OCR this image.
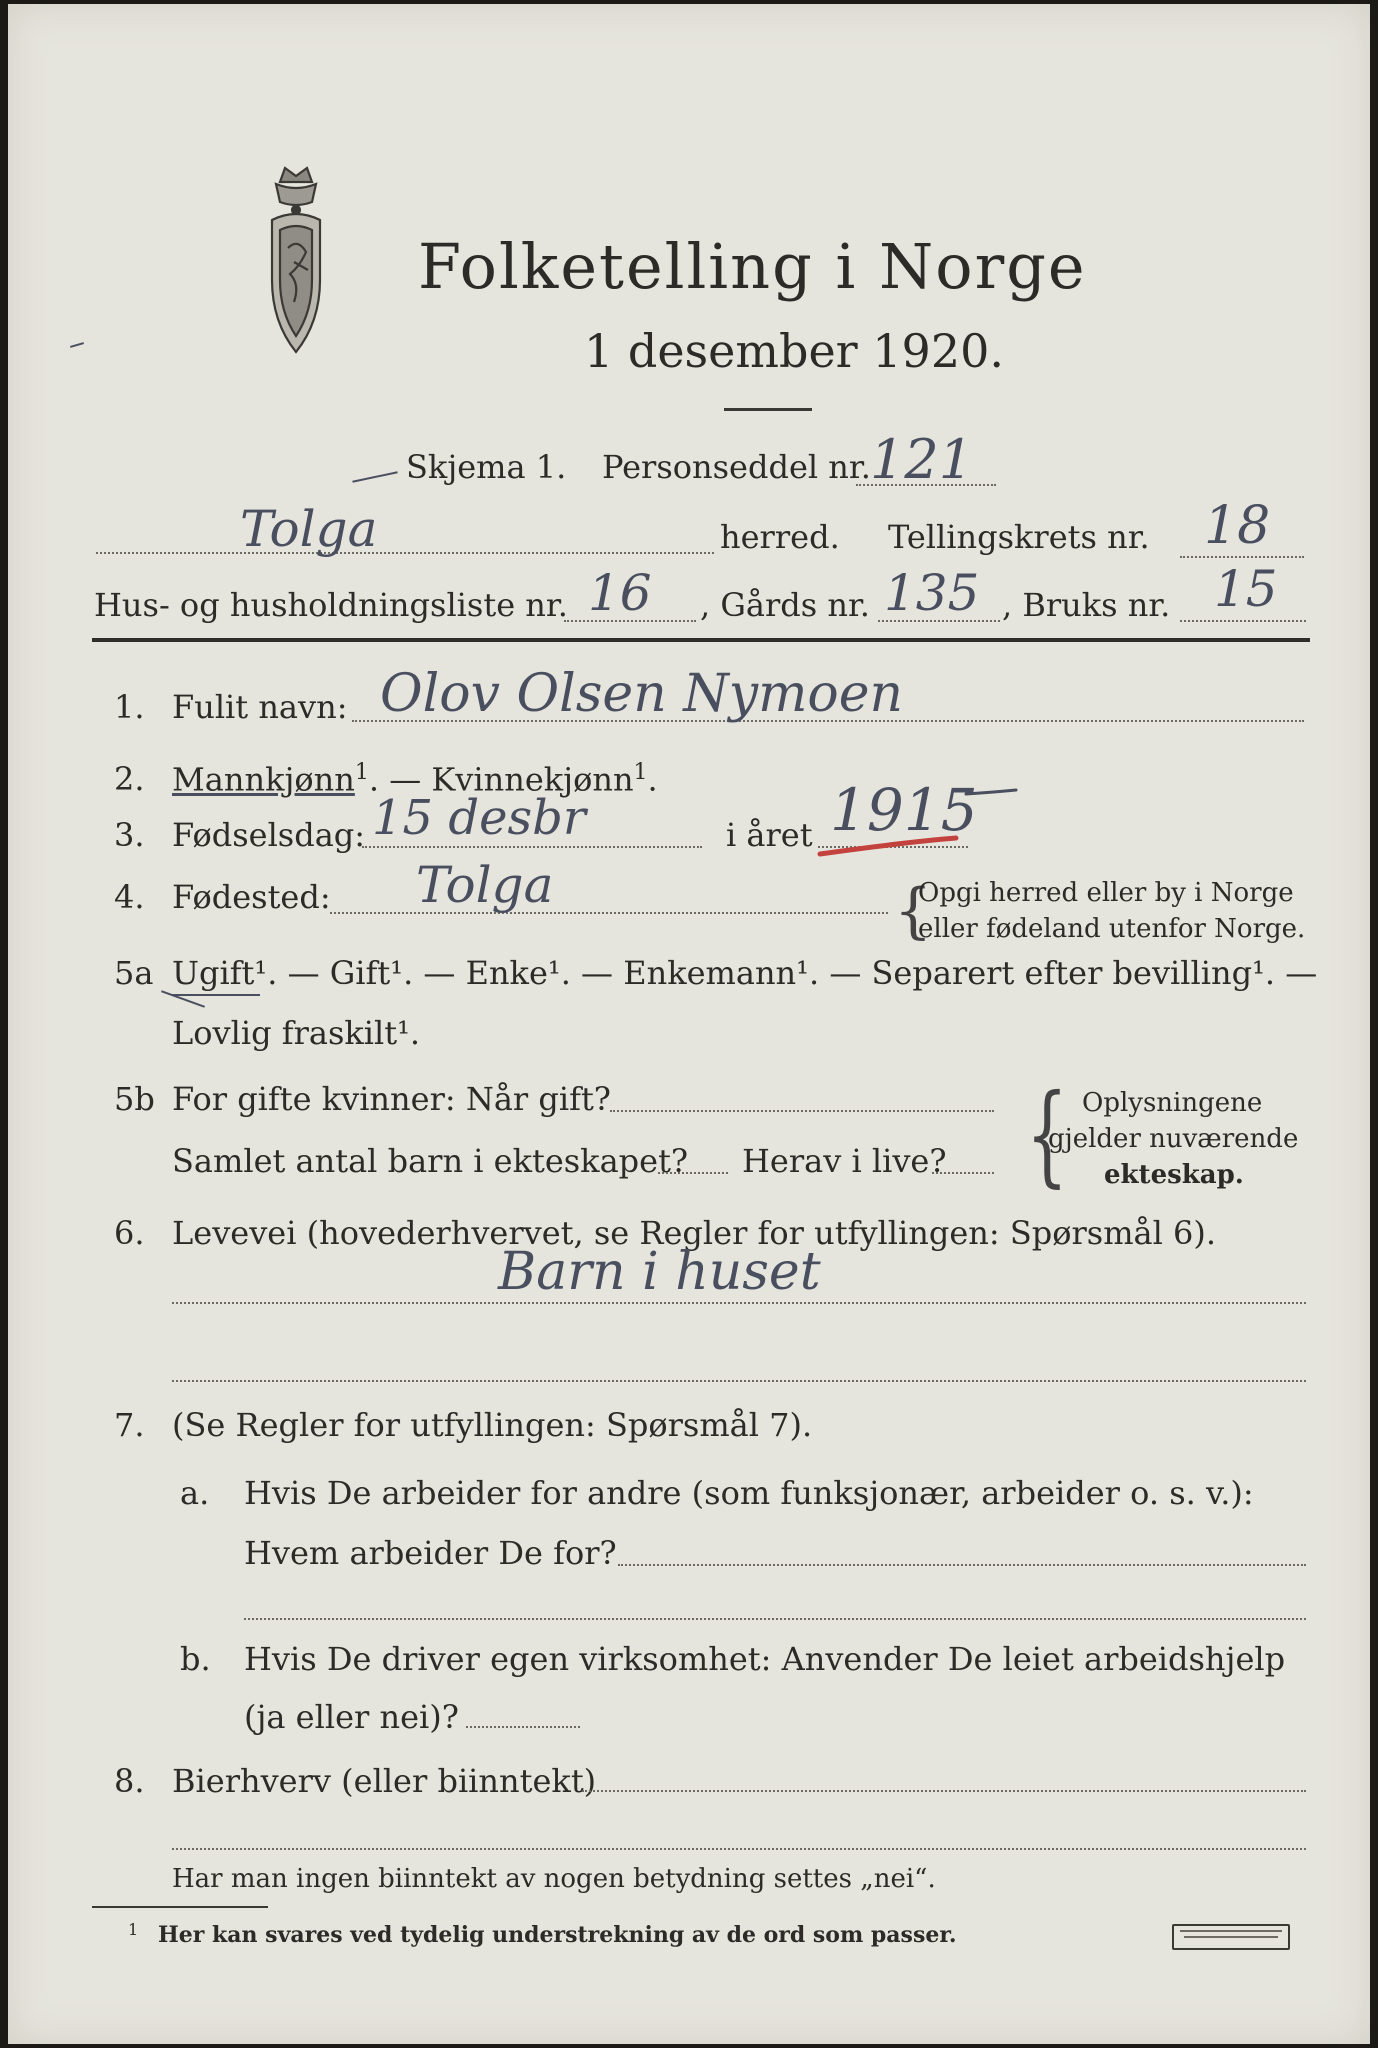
Folketelling i Norge
1 desember 1920.
Skjema 1. Personseddel nr. 121
Tolga	herred. Tellingskrets nr. 18
Hus- og husholdningsliste nr. 16 , Gårds nr. 135 , Bruks nr. 15
1. Fulit navn: Olov Olsen Nymoen
2. Mannkjønn$^1$. — Kvinnekjønn$^1$.
3. Fødselsdag: 15 desbr	i året 1915
4. Fødested: Tolga	{
Opgi herred eller by i Norge
eller fødeland utenfor Norge.
5a Ugift¹. — Gift¹. — Enke¹. — Enkemann¹. — Separert efter bevilling¹. —
Lovlig fraskilt¹.
5b For gifte kvinner: Når gift?
Samlet antal barn i ekteskapet? Herav i live? { Oplysningene
gjelder nuværende
ekteskap.
6. Levevei (hovederhvervet, se Regler for utfyllingen: Spørsmål 6).
Barn i huset
7. (Se Regler for utfyllingen: Spørsmål 7).
a. Hvis De arbeider for andre (som funksjonær, arbeider o. s. v.):
Hvem arbeider De for?
b. Hvis De driver egen virksomhet: Anvender De leiet arbeidshjelp
(ja eller nei)?
8. Bierhverv (eller biinntekt)
Har man ingen biinntekt av nogen betydning settes „nei“.
1 Her kan svares ved tydelig understrekning av de ord som passer.
